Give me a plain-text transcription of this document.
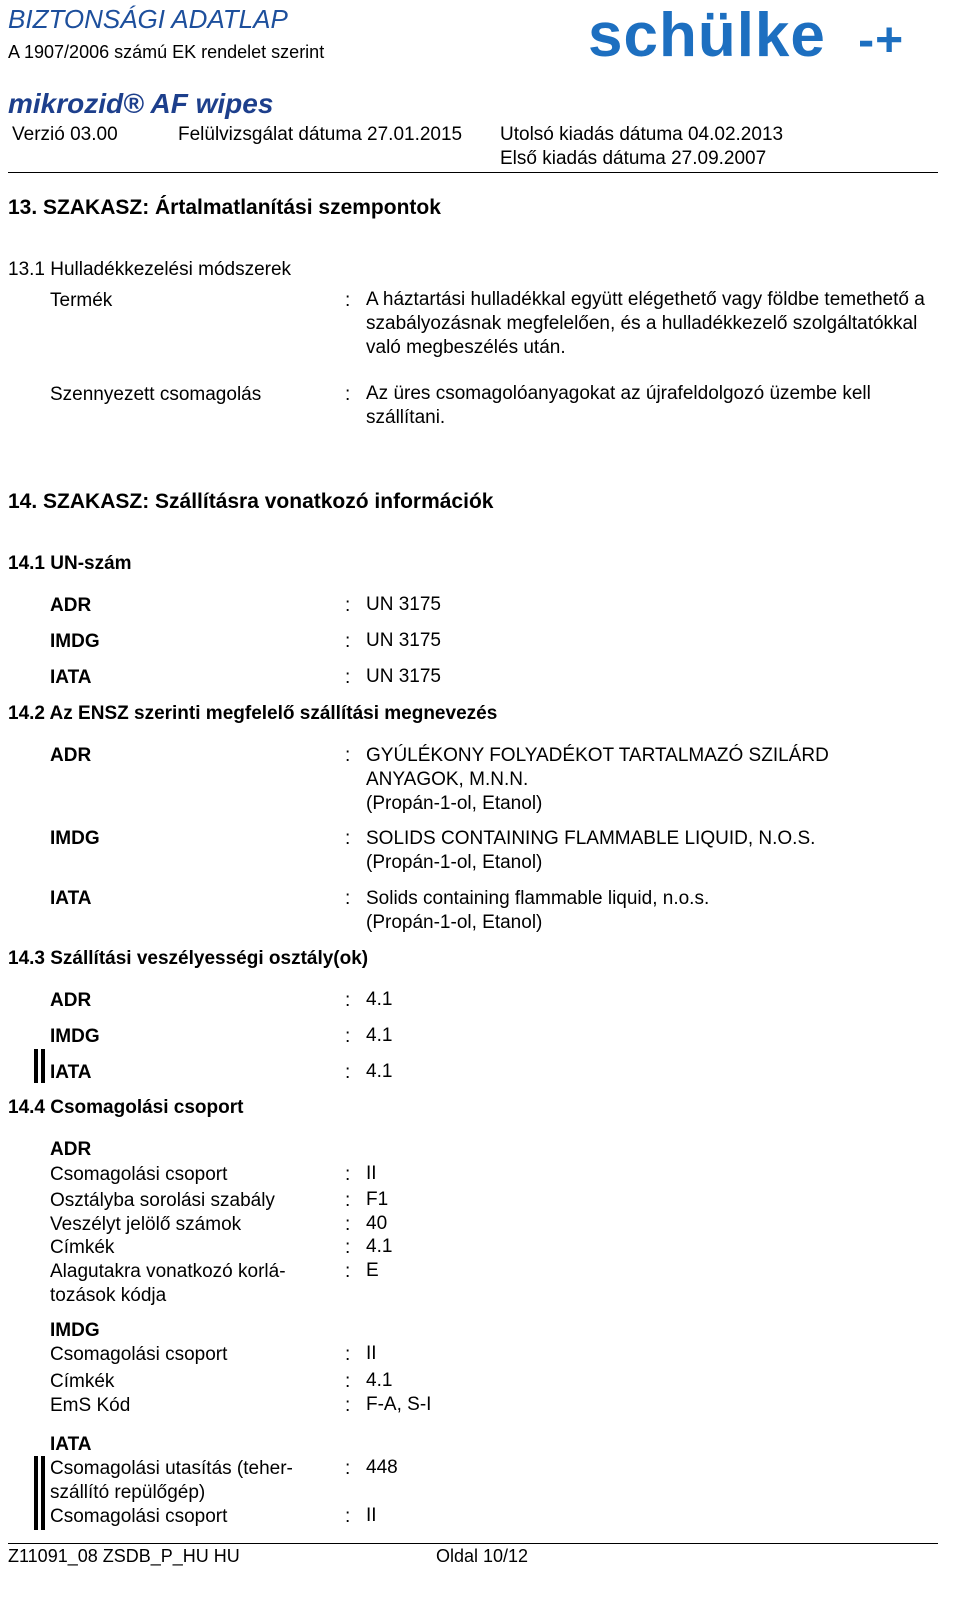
BIZTONSÁGI ADATLAP
A 1907/2006 számú EK rendelet szerint	schülke -+
mikrozid® AF wipes
Verzió 03.00	Felülvizsgálat dátuma 27.01.2015 Utolsó kiadás dátuma 04.02.2013
Első kiadás dátuma 27.09.2007
13. SZAKASZ: Ártalmatlanítási szempontok
13.1 Hulladékkezelési módszerek
Termék	: A háztartási hulladékkal együtt elégethető vagy földbe temethető a szabályozásnak megfelelően, és a hulladékkezelő szolgáltatókkal való megbeszélés után.
Szennyezett csomagolás	: Az üres csomagolóanyagokat az újrafeldolgozó üzembe kell szállítani.
14. SZAKASZ: Szállításra vonatkozó információk
14.1 UN-szám
ADR	: UN 3175
IMDG	: UN 3175
IATA	: UN 3175
14.2 Az ENSZ szerinti megfelelő szállítási megnevezés
ADR	: GYÚLÉKONY FOLYADÉKOT TARTALMAZÓ SZILÁRD
ANYAGOK, M.N.N.
(Propán-1-ol, Etanol)
IMDG	: SOLIDS CONTAINING FLAMMABLE LIQUID, N.O.S.
(Propán-1-ol, Etanol)
IATA	: Solids containing flammable liquid, n.o.s.
(Propán-1-ol, Etanol)
14.3 Szállítási veszélyességi osztály(ok)
ADR	: 4.1
IMDG	: 4.1
IATA	: 4.1
14.4 Csomagolási csoport
ADR
Csomagolási csoport	: II
Osztályba sorolási szabály	: F1
Veszélyt jelölő számok	: 40
Címkék	: 4.1
Alagutakra vonatkozó korlá-
tozások kódja
: E
IMDG
Csomagolási csoport	: II
Címkék	: 4.1
EmS Kód	: F-A, S-I
IATA
Csomagolási utasítás (teher-
szállító repülőgép)
: 448
Csomagolási csoport	: II
Z11091_08 ZSDB_P_HU HU	Oldal 10/12
